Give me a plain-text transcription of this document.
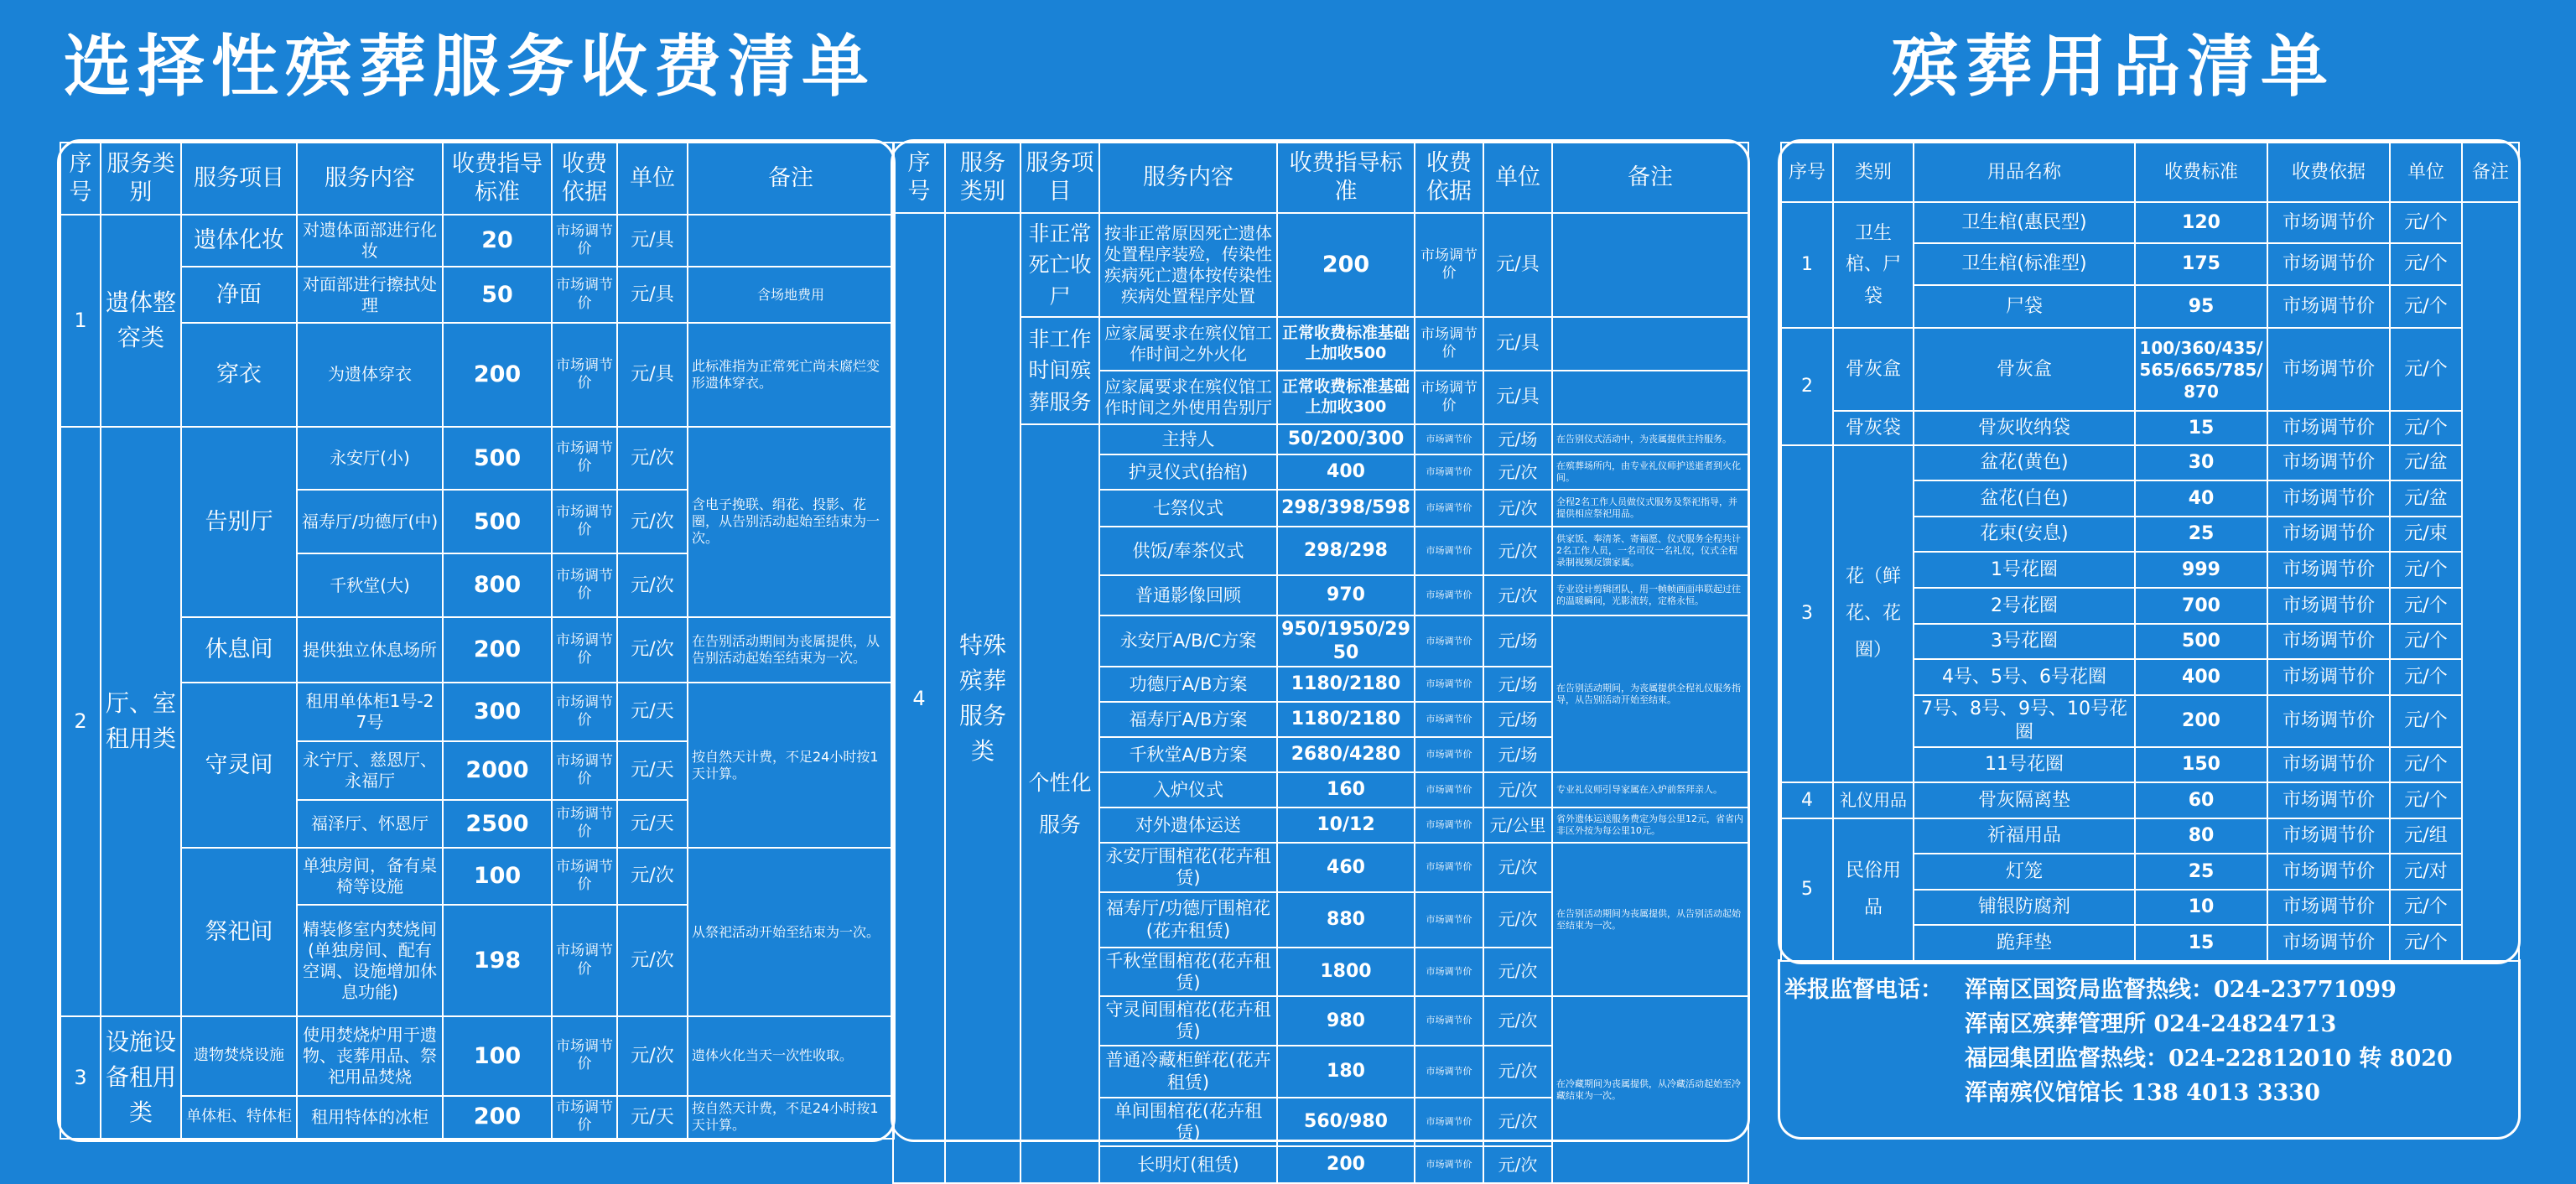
选择性殡葬服务收费清单	殡葬用品清单
序号	服务类别	服务项目	服务内容	收费指导标准	收费依据	单位	备注
1	遗体整容类	遗体化妆	对遗体面部进行化妆	20	市场调节价	元/具	
		净面	对面部进行擦拭处理	50	市场调节价	元/具	含场地费用
		穿衣	为遗体穿衣	200	市场调节价	元/具	此标准指为正常死亡尚未腐烂变形遗体穿衣。
2	厅、室租用类	告别厅	永安厅(小)	500	市场调节价	元/次	含电子挽联、绢花、投影、花圈，从告别活动起始至结束为一次。
			福寿厅/功德厅(中)	500	市场调节价	元/次	
			千秋堂(大)	800	市场调节价	元/次	
		休息间	提供独立休息场所	200	市场调节价	元/次	在告别活动期间为丧属提供，从告别活动起始至结束为一次。
		守灵间	租用单体柜1号-27号	300	市场调节价	元/天	按自然天计费，不足24小时按1天计算。
			永宁厅、慈恩厅、永福厅	2000	市场调节价	元/天	
			福泽厅、怀恩厅	2500	市场调节价	元/天	
		祭祀间	单独房间，备有桌椅等设施	100	市场调节价	元/次	从祭祀活动开始至结束为一次。
			精装修室内焚烧间(单独房间、配有空调、设施增加休息功能)	198	市场调节价	元/次	
3	设施设备租用类	遗物焚烧设施	使用焚烧炉用于遗物、丧葬用品、祭祀用品焚烧	100	市场调节价	元/次	遗体火化当天一次性收取。
		单体柜、特体柜	租用特体的冰柜	200	市场调节价	元/天	按自然天计费，不足24小时按1天计算。
序号	服务类别	服务项目	服务内容	收费指导标准	收费依据	单位	备注
4	特殊殡葬服务类	非正常死亡收尸	按非正常原因死亡遗体处置程序装殓，传染性疾病死亡遗体按传染性疾病处置程序处置	200	市场调节价	元/具	
		非工作时间殡葬服务	应家属要求在殡仪馆工作时间之外火化	正常收费标准基础上加收500	市场调节价	元/具	
			应家属要求在殡仪馆工作时间之外使用告别厅	正常收费标准基础上加收300	市场调节价	元/具	
		个性化服务	主持人	50/200/300	市场调节价	元/场	在告别仪式活动中，为丧属提供主持服务。
			护灵仪式(抬棺)	400	市场调节价	元/次	在殡葬场所内，由专业礼仪师护送逝者到火化间。
			七祭仪式	298/398/598	市场调节价	元/次	全程2名工作人员做仪式服务及祭祀指导，并提供相应祭祀用品。
			供饭/奉茶仪式	298/298	市场调节价	元/次	供家饭、奉清茶、寄福愿、仪式服务全程共计2名工作人员，一名司仪一名礼仪，仪式全程录制视频反馈家属。
			普通影像回顾	970	市场调节价	元/次	专业设计剪辑团队，用一帧帧画面串联起过往的温暖瞬间，光影流转，定格永恒。
			永安厅A/B/C方案	950/1950/2950	市场调节价	元/场	在告别活动期间，为丧属提供全程礼仪服务指导，从告别活动开始至结束。
			功德厅A/B方案	1180/2180	市场调节价	元/场	
			福寿厅A/B方案	1180/2180	市场调节价	元/场	
			千秋堂A/B方案	2680/4280	市场调节价	元/场	
			入炉仪式	160	市场调节价	元/次	专业礼仪师引导家属在入炉前祭拜亲人。
			对外遗体运送	10/12	市场调节价	元/公里	省外遗体运送服务费定为每公里12元，省省内非区外按为每公里10元。
			永安厅围棺花(花卉租赁)	460	市场调节价	元/次	在告别活动期间为丧属提供，从告别活动起始至结束为一次。
			福寿厅/功德厅围棺花(花卉租赁)	880	市场调节价	元/次	
			千秋堂围棺花(花卉租赁)	1800	市场调节价	元/次	
			守灵间围棺花(花卉租赁)	980	市场调节价	元/次	在冷藏期间为丧属提供，从冷藏活动起始至冷藏结束为一次。
			普通冷藏柜鲜花(花卉租赁)	180	市场调节价	元/次	
			单间围棺花(花卉租赁)	560/980	市场调节价	元/次	
			长明灯(租赁)	200	市场调节价	元/次	
序号	类别	用品名称	收费标准	收费依据	单位	备注
1	卫生棺、尸袋	卫生棺(惠民型)	120	市场调节价	元/个	
		卫生棺(标准型)	175	市场调节价	元/个	
		尸袋	95	市场调节价	元/个	
2	骨灰盒	骨灰盒	100/360/435/565/665/785/870	市场调节价	元/个	
	骨灰袋	骨灰收纳袋	15	市场调节价	元/个	
3	花（鲜花、花圈）	盆花(黄色)	30	市场调节价	元/盆	
		盆花(白色)	40	市场调节价	元/盆	
		花束(安息)	25	市场调节价	元/束	
		1号花圈	999	市场调节价	元/个	
		2号花圈	700	市场调节价	元/个	
		3号花圈	500	市场调节价	元/个	
		4号、5号、6号花圈	400	市场调节价	元/个	
		7号、8号、9号、10号花圈	200	市场调节价	元/个	
		11号花圈	150	市场调节价	元/个	
4	礼仪用品	骨灰隔离垫	60	市场调节价	元/个	
5	民俗用品	祈福用品	80	市场调节价	元/组	
		灯笼	25	市场调节价	元/对	
		铺银防腐剂	10	市场调节价	元/个	
		跪拜垫	15	市场调节价	元/个	
举报监督电话： 浑南区国资局监督热线：024-23771099
浑南区殡葬管理所 024-24824713
福园集团监督热线：024-22812010 转 8020
浑南殡仪馆馆长 138 4013 3330
